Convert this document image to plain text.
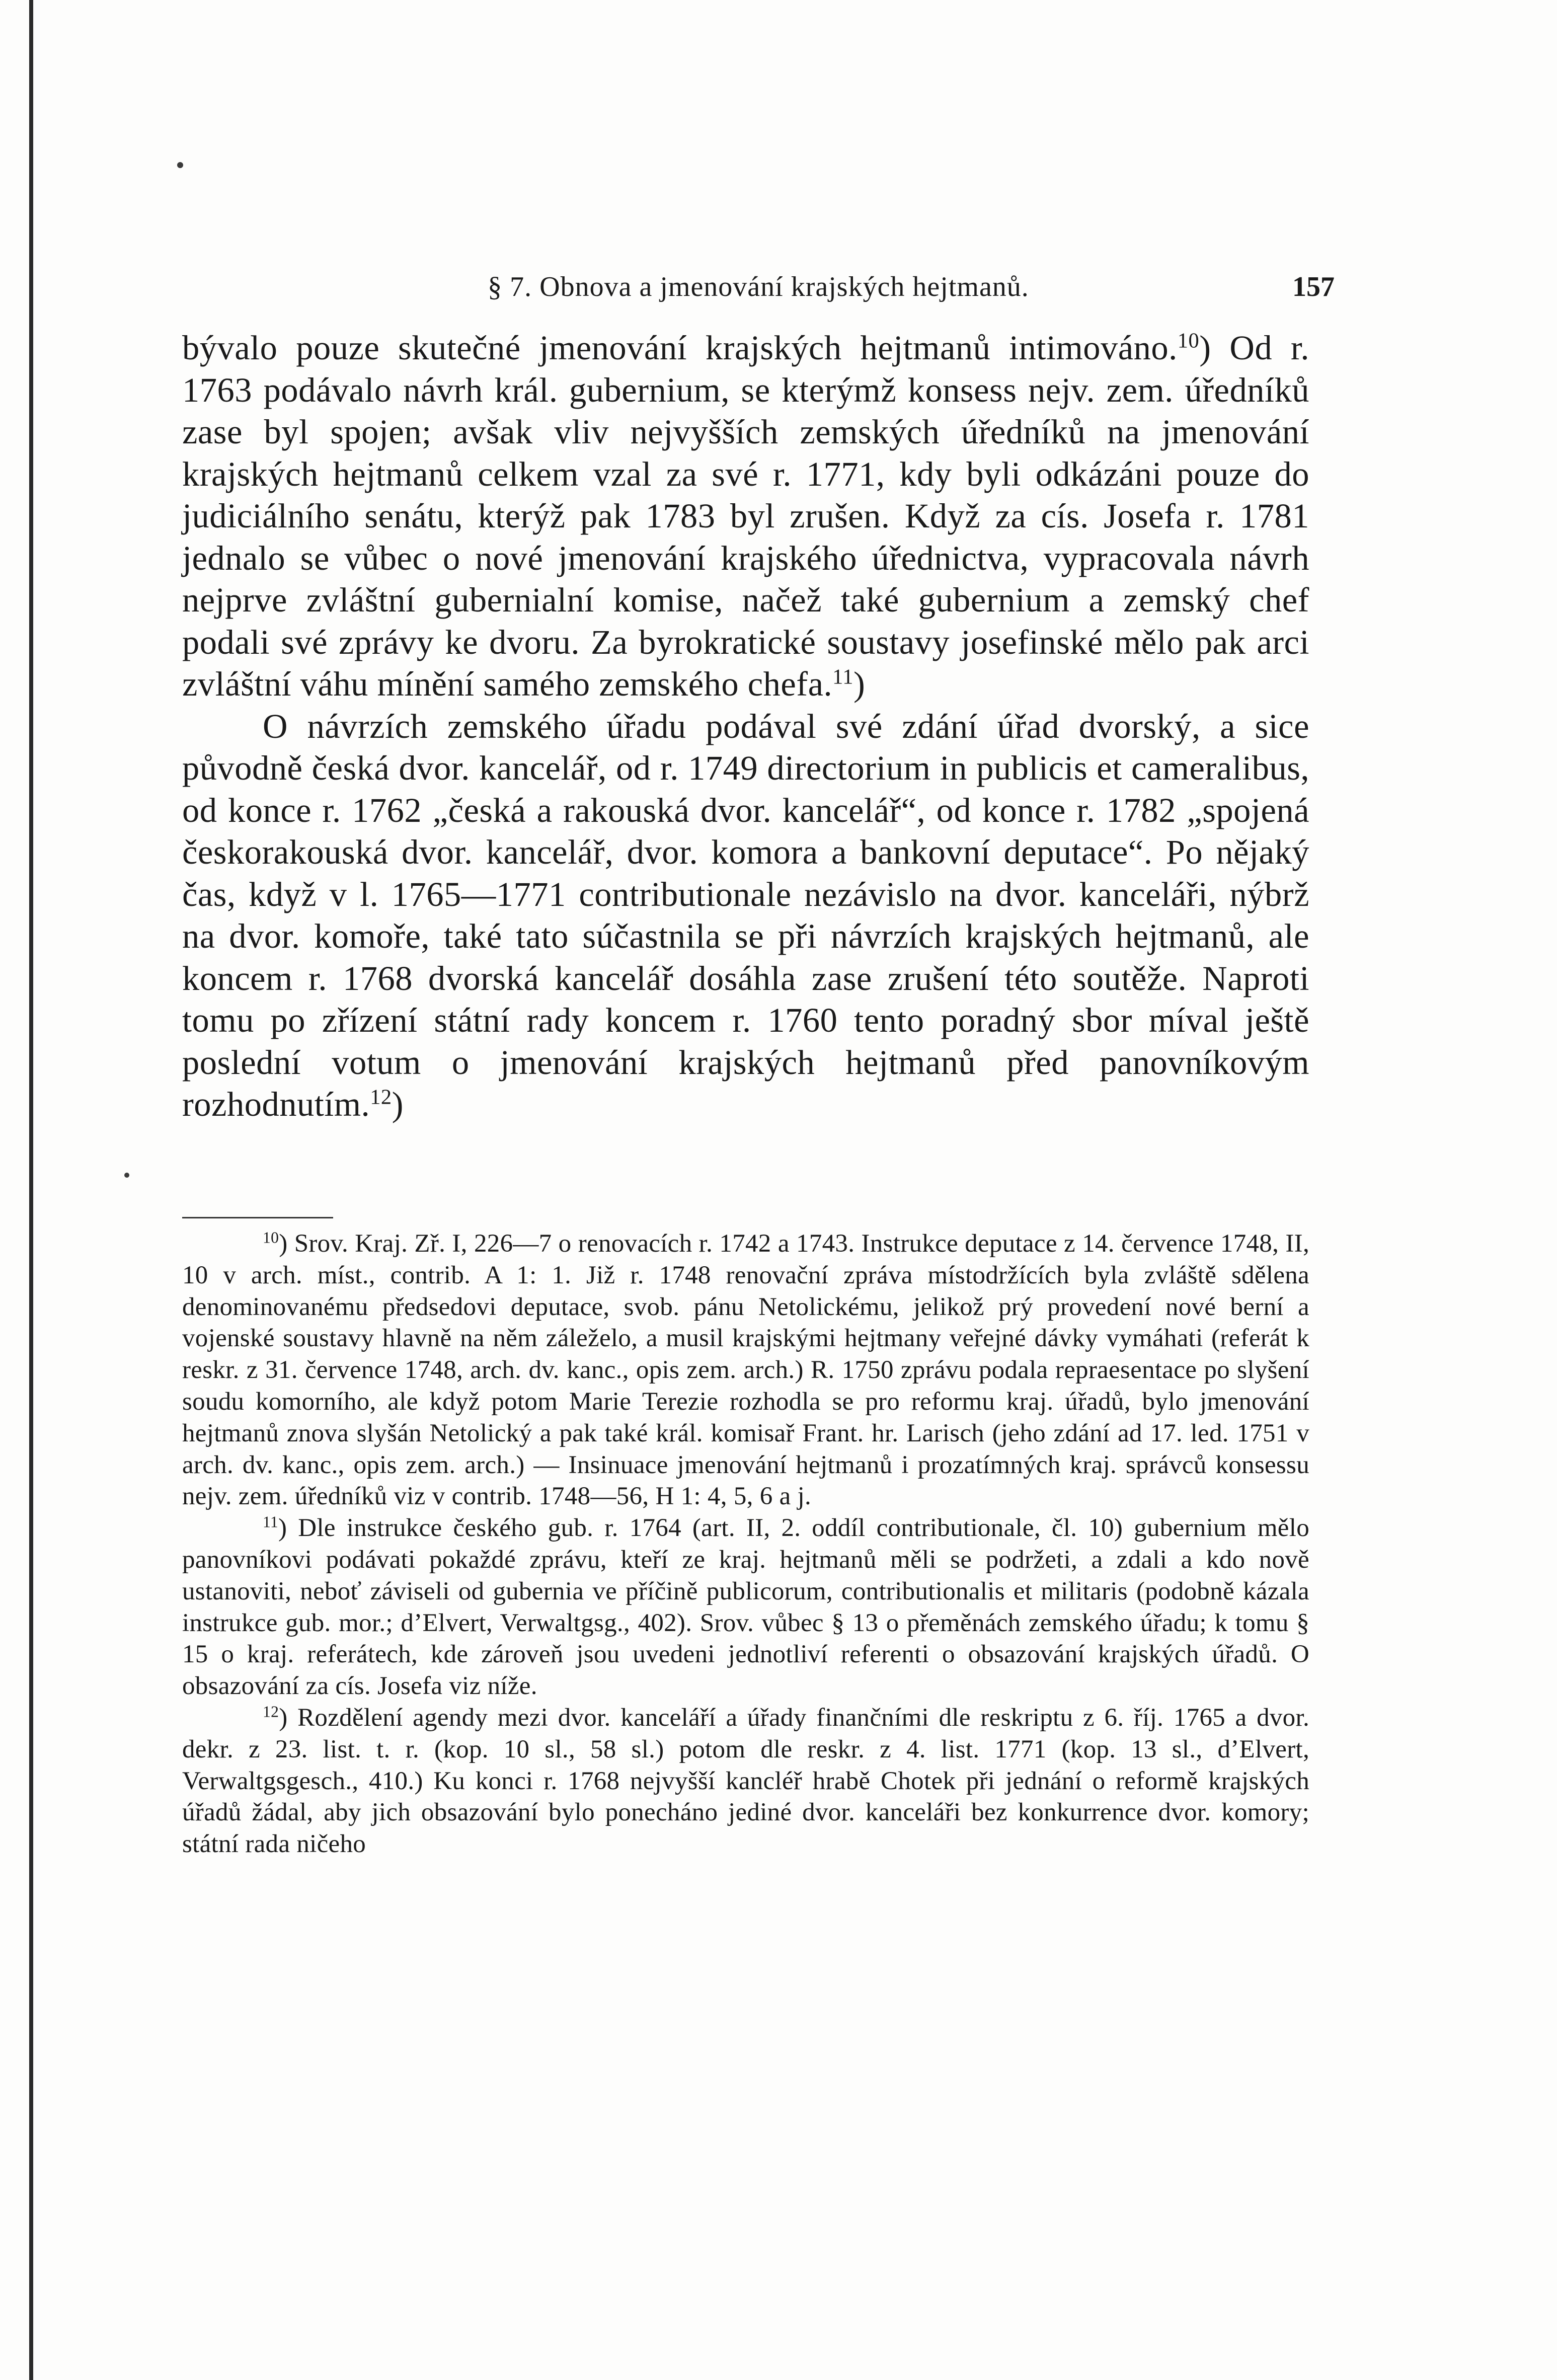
§ 7. Obnova a jmenování krajských hejtmanů.	157

bývalo pouze skutečné jmenování krajských hejtmanů intimováno.$^{10}$) Od r. 1763 podávalo návrh král. gubernium, se kterýmž konsess nejv. zem. úředníků zase byl spojen; avšak vliv nejvyšších zemských úředníků na jmenování krajských hejtmanů celkem vzal za své r. 1771, kdy byli odkázáni pouze do judiciálního senátu, kterýž pak 1783 byl zrušen. Když za cís. Josefa r. 1781 jednalo se vůbec o nové jmenování krajského úřednictva, vypracovala návrh nejprve zvláštní gubernialní komise, načež také gubernium a zemský chef podali své zprávy ke dvoru. Za byrokratické soustavy josefinské mělo pak arci zvláštní váhu mínění samého zemského chefa.$^{11}$)

O návrzích zemského úřadu podával své zdání úřad dvorský, a sice původně česká dvor. kancelář, od r. 1749 directorium in publicis et cameralibus, od konce r. 1762 „česká a rakouská dvor. kancelář“, od konce r. 1782 „spojená českorakouská dvor. kancelář, dvor. komora a bankovní deputace“. Po nějaký čas, když v l. 1765—1771 contributionale nezávislo na dvor. kanceláři, nýbrž na dvor. komoře, také tato súčastnila se při návrzích krajských hejtmanů, ale koncem r. 1768 dvorská kancelář dosáhla zase zrušení této soutěže. Naproti tomu po zřízení státní rady koncem r. 1760 tento poradný sbor míval ještě poslední votum o jmenování krajských hejtmanů před panovníkovým rozhodnutím.$^{12}$)

$^{10}$) Srov. Kraj. Zř. I, 226—7 o renovacích r. 1742 a 1743. Instrukce deputace z 14. července 1748, II, 10 v arch. míst., contrib. A 1: 1. Již r. 1748 renovační zpráva místodržících byla zvláště sdělena denominovanému předsedovi deputace, svob. pánu Netolickému, jelikož prý provedení nové berní a vojenské soustavy hlavně na něm záleželo, a musil krajskými hejtmany veřejné dávky vymáhati (referát k reskr. z 31. července 1748, arch. dv. kanc., opis zem. arch.) R. 1750 zprávu podala repraesentace po slyšení soudu komorního, ale když potom Marie Terezie rozhodla se pro reformu kraj. úřadů, bylo jmenování hejtmanů znova slyšán Netolický a pak také král. komisař Frant. hr. Larisch (jeho zdání ad 17. led. 1751 v arch. dv. kanc., opis zem. arch.) — Insinuace jmenování hejtmanů i prozatímných kraj. správců konsessu nejv. zem. úředníků viz v contrib. 1748—56, H 1: 4, 5, 6 a j.

$^{11}$) Dle instrukce českého gub. r. 1764 (art. II, 2. oddíl contributionale, čl. 10) gubernium mělo panovníkovi podávati pokaždé zprávu, kteří ze kraj. hejtmanů měli se podržeti, a zdali a kdo nově ustanoviti, neboť záviseli od gubernia ve příčině publicorum, contributionalis et militaris (podobně kázala instrukce gub. mor.; d’Elvert, Verwaltgsg., 402). Srov. vůbec § 13 o přeměnách zemského úřadu; k tomu § 15 o kraj. referátech, kde zároveň jsou uvedeni jednotliví referenti o obsazování krajských úřadů. O obsazování za cís. Josefa viz níže.

$^{12}$) Rozdělení agendy mezi dvor. kanceláří a úřady finančními dle reskriptu z 6. říj. 1765 a dvor. dekr. z 23. list. t. r. (kop. 10 sl., 58 sl.) potom dle reskr. z 4. list. 1771 (kop. 13 sl., d’Elvert, Verwaltgsgesch., 410.) Ku konci r. 1768 nejvyšší kancléř hrabě Chotek při jednání o reformě krajských úřadů žádal, aby jich obsazování bylo ponecháno jediné dvor. kanceláři bez konkurrence dvor. komory; státní rada ničeho
